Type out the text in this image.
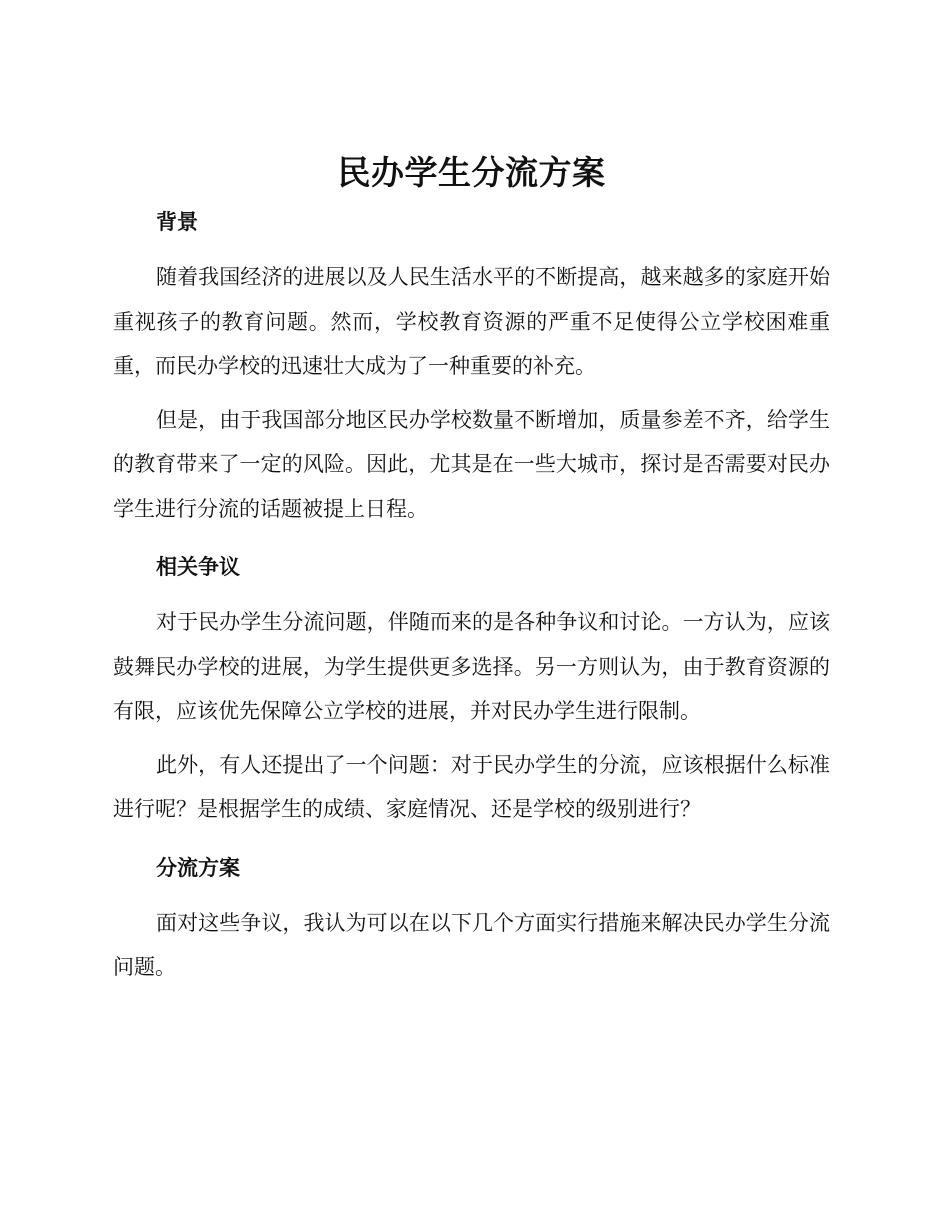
民办学生分流方案
背景

随着我国经济的进展以及人民生活水平的不断提高，越来越多的家庭开始重视孩子的教育问题。然而，学校教育资源的严重不足使得公立学校困难重重，而民办学校的迅速壮大成为了一种重要的补充。

但是，由于我国部分地区民办学校数量不断增加，质量参差不齐，给学生的教育带来了一定的风险。因此，尤其是在一些大城市，探讨是否需要对民办学生进行分流的话题被提上日程。

相关争议

对于民办学生分流问题，伴随而来的是各种争议和讨论。一方认为，应该鼓舞民办学校的进展，为学生提供更多选择。另一方则认为，由于教育资源的有限，应该优先保障公立学校的进展，并对民办学生进行限制。

此外，有人还提出了一个问题：对于民办学生的分流，应该根据什么标准进行呢？是根据学生的成绩、家庭情况、还是学校的级别进行？

分流方案

面对这些争议，我认为可以在以下几个方面实行措施来解决民办学生分流问题。
